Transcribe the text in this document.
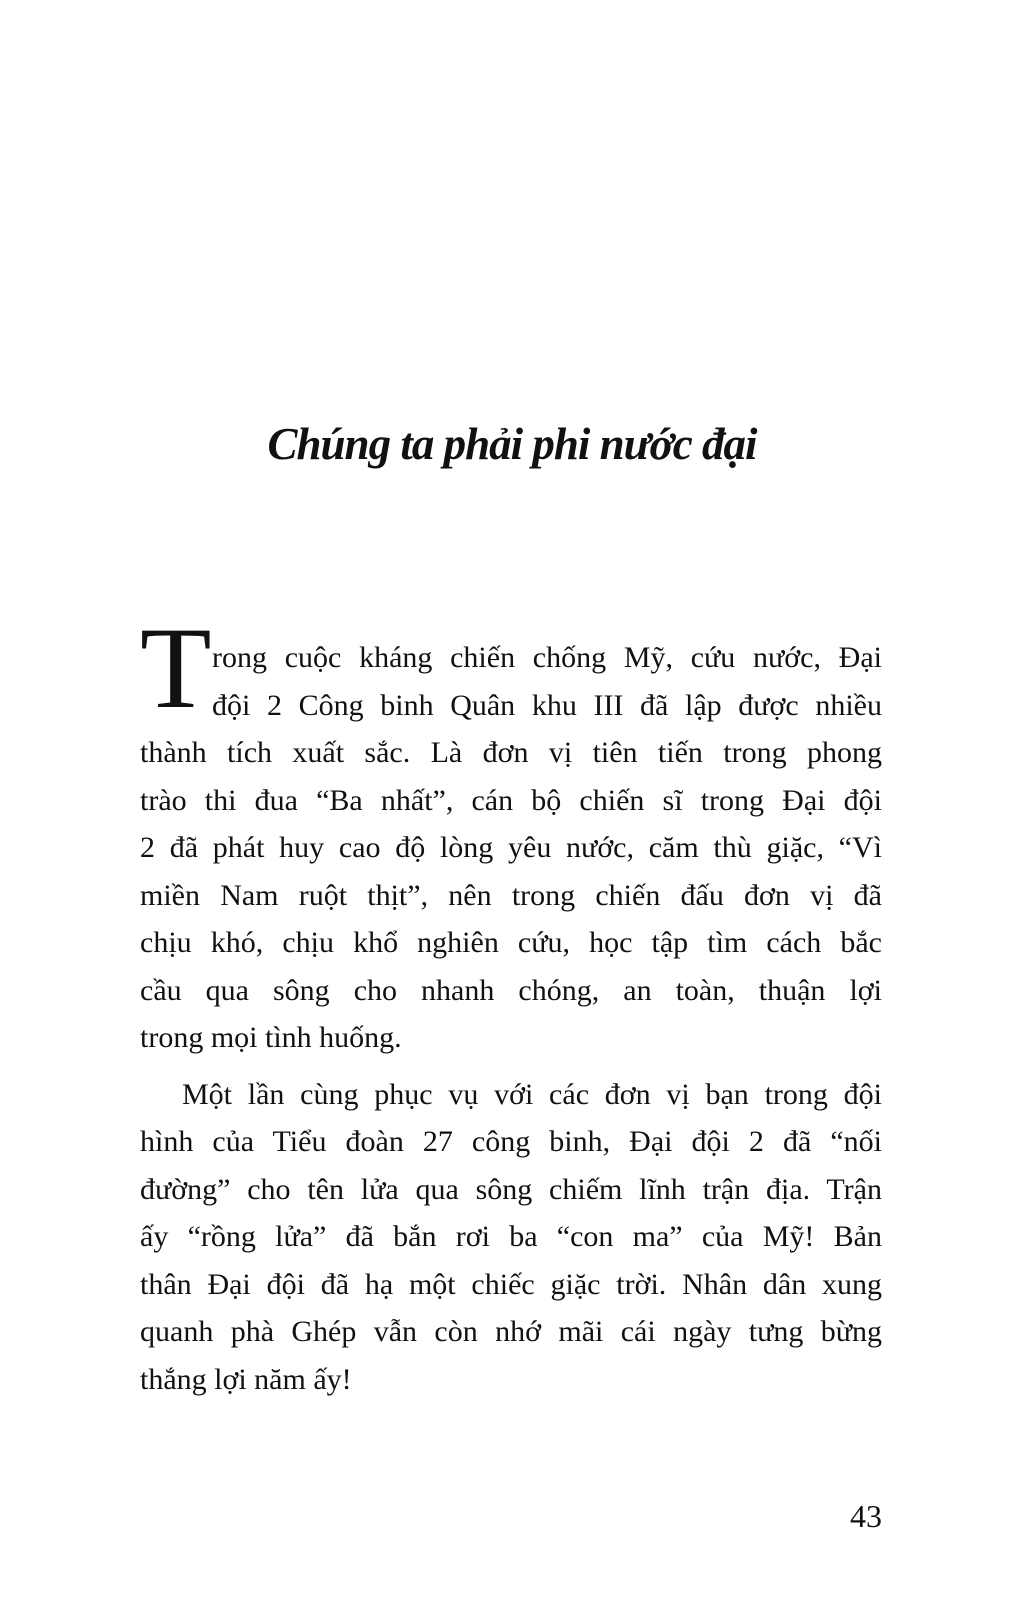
Chúng ta phải phi nước đại
T rong cuộc kháng chiến chống Mỹ, cứu nước, Đại
đội 2 Công binh Quân khu III đã lập được nhiều
thành tích xuất sắc. Là đơn vị tiên tiến trong phong
trào thi đua “Ba nhất”, cán bộ chiến sĩ trong Đại đội
2 đã phát huy cao độ lòng yêu nước, căm thù giặc, “Vì
miền Nam ruột thịt”, nên trong chiến đấu đơn vị đã
chịu khó, chịu khổ nghiên cứu, học tập tìm cách bắc
cầu qua sông cho nhanh chóng, an toàn, thuận lợi
trong mọi tình huống.
Một lần cùng phục vụ với các đơn vị bạn trong đội
hình của Tiểu đoàn 27 công binh, Đại đội 2 đã “nối
đường” cho tên lửa qua sông chiếm lĩnh trận địa. Trận
ấy “rồng lửa” đã bắn rơi ba “con ma” của Mỹ! Bản
thân Đại đội đã hạ một chiếc giặc trời. Nhân dân xung
quanh phà Ghép vẫn còn nhớ mãi cái ngày tưng bừng
thắng lợi năm ấy!
43
